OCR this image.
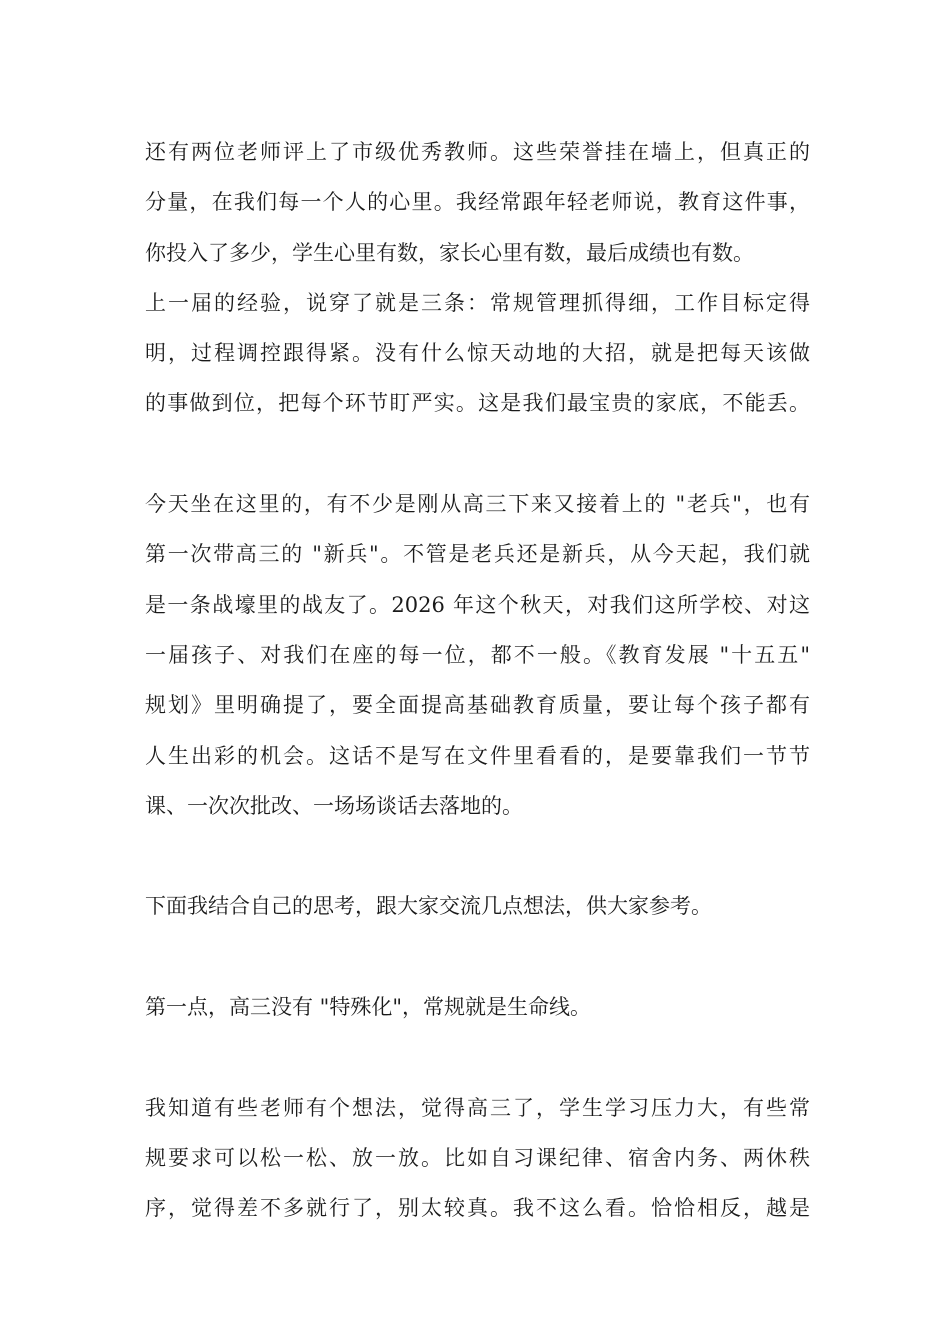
还有两位老师评上了市级优秀教师。这些荣誉挂在墙上，但真正的
分量，在我们每一个人的心里。我经常跟年轻老师说，教育这件事，
你投入了多少，学生心里有数，家长心里有数，最后成绩也有数。
上一届的经验，说穿了就是三条：常规管理抓得细，工作目标定得
明，过程调控跟得紧。没有什么惊天动地的大招，就是把每天该做
的事做到位，把每个环节盯严实。这是我们最宝贵的家底，不能丢。
今天坐在这里的，有不少是刚从高三下来又接着上的 "老兵"，也有
第一次带高三的 "新兵"。不管是老兵还是新兵，从今天起，我们就
是一条战壕里的战友了。2026 年这个秋天，对我们这所学校、对这
一届孩子、对我们在座的每一位，都不一般。《教育发展 "十五五"
规划》里明确提了，要全面提高基础教育质量，要让每个孩子都有
人生出彩的机会。这话不是写在文件里看看的，是要靠我们一节节
课、一次次批改、一场场谈话去落地的。
下面我结合自己的思考，跟大家交流几点想法，供大家参考。
第一点，高三没有 "特殊化"，常规就是生命线。
我知道有些老师有个想法，觉得高三了，学生学习压力大，有些常
规要求可以松一松、放一放。比如自习课纪律、宿舍内务、两休秩
序，觉得差不多就行了，别太较真。我不这么看。恰恰相反，越是
